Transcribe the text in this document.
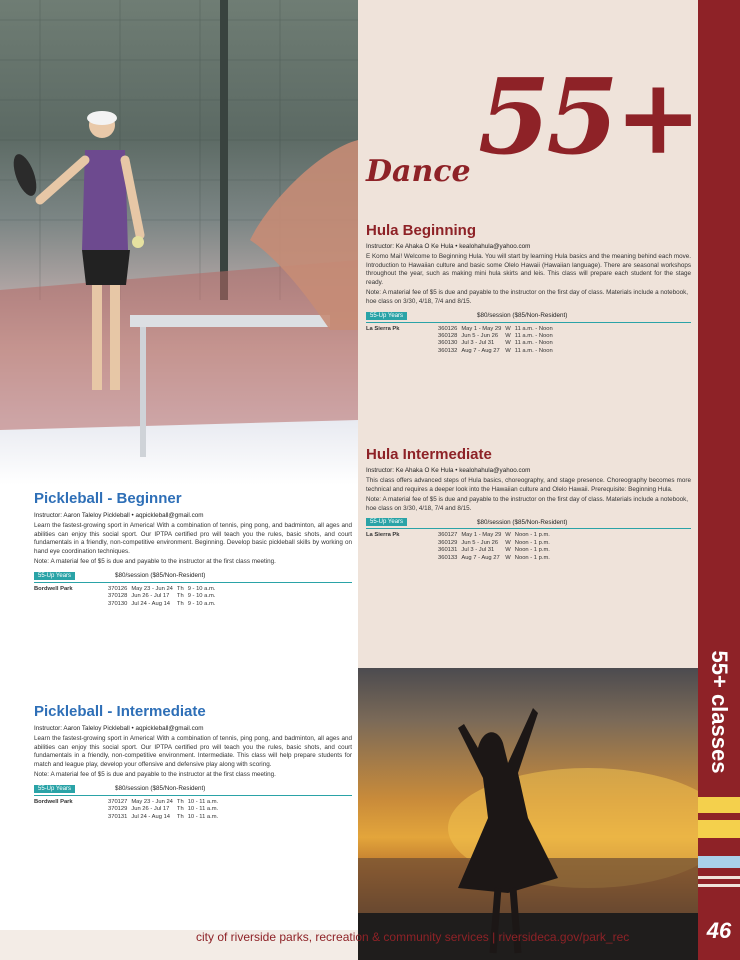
Pickleball - Beginner
Instructor: Aaron Taleloy Pickleball • aqpickleball@gmail.com
Learn the fastest-growing sport in America! With a combination of tennis, ping pong, and badminton, all ages and abilities can enjoy this social sport. Our IPTPA certified pro will teach you the rules, basic shots, and court fundamentals in a friendly, non-competitive environment. Beginning. Develop basic pickleball skills by working on hand eye coordination techniques.
Note: A material fee of $5 is due and payable to the instructor at the first class meeting.
55-Up Years	$80/session ($85/Non-Resident)
Bordwell Park	370126	May 23 - Jun 24	Th	9 - 10 a.m.
	370128	Jun 26 - Jul 17	Th	9 - 10 a.m.
	370130	Jul 24 - Aug 14	Th	9 - 10 a.m.
Pickleball - Intermediate
Instructor: Aaron Taleloy Pickleball • aqpickleball@gmail.com
Learn the fastest-growing sport in America! With a combination of tennis, ping pong, and badminton, all ages and abilities can enjoy this social sport. Our IPTPA certified pro will teach you the rules, basic shots, and court fundamentals in a friendly, non-competitive environment. Intermediate. This class will help prepare students for match and league play, develop your offensive and defensive play along with scoring.
Note: A material fee of $5 is due and payable to the instructor at the first class meeting.
55-Up Years	$80/session ($85/Non-Resident)
Bordwell Park	370127	May 23 - Jun 24	Th	10 - 11 a.m.
	370129	Jun 26 - Jul 17	Th	10 - 11 a.m.
	370131	Jul 24 - Aug 14	Th	10 - 11 a.m.
55+
Dance
Hula Beginning
Instructor: Ke Ahaka O Ke Hula • kealohahula@yahoo.com
E Komo Mai! Welcome to Beginning Hula. You will start by learning Hula basics and the meaning behind each move. Introduction to Hawaiian culture and basic some Olelo Hawaii (Hawaiian language). There are seasonal workshops throughout the year, such as making mini hula skirts and leis. This class will prepare each student for the stage ready.
Note: A material fee of $5 is due and payable to the instructor on the first day of class. Materials include a notebook, hoe class on 3/30, 4/18, 7/4 and 8/15.
55-Up Years	$80/session ($85/Non-Resident)
La Sierra Pk	360126	May 1 - May 29	W	11 a.m. - Noon
	360128	Jun 5 - Jun 26	W	11 a.m. - Noon
	360130	Jul 3 - Jul 31	W	11 a.m. - Noon
	360132	Aug 7 - Aug 27	W	11 a.m. - Noon
Hula Intermediate
Instructor: Ke Ahaka O Ke Hula • kealohahula@yahoo.com
This class offers advanced steps of Hula basics, choreography, and stage presence. Choreography becomes more technical and requires a deeper look into the Hawaiian culture and Olelo Hawaii. Prerequisite: Beginning Hula.
Note: A material fee of $5 is due and payable to the instructor on the first day of class. Materials include a notebook, hoe class on 3/30, 4/18, 7/4 and 8/15.
55-Up Years	$80/session ($85/Non-Resident)
La Sierra Pk	360127	May 1 - May 29	W	Noon - 1 p.m.
	360129	Jun 5 - Jun 26	W	Noon - 1 p.m.
	360131	Jul 3 - Jul 31	W	Noon - 1 p.m.
	360133	Aug 7 - Aug 27	W	Noon - 1 p.m.
55+ classes
46
city of riverside parks, recreation & community services | riversideca.gov/park_rec
